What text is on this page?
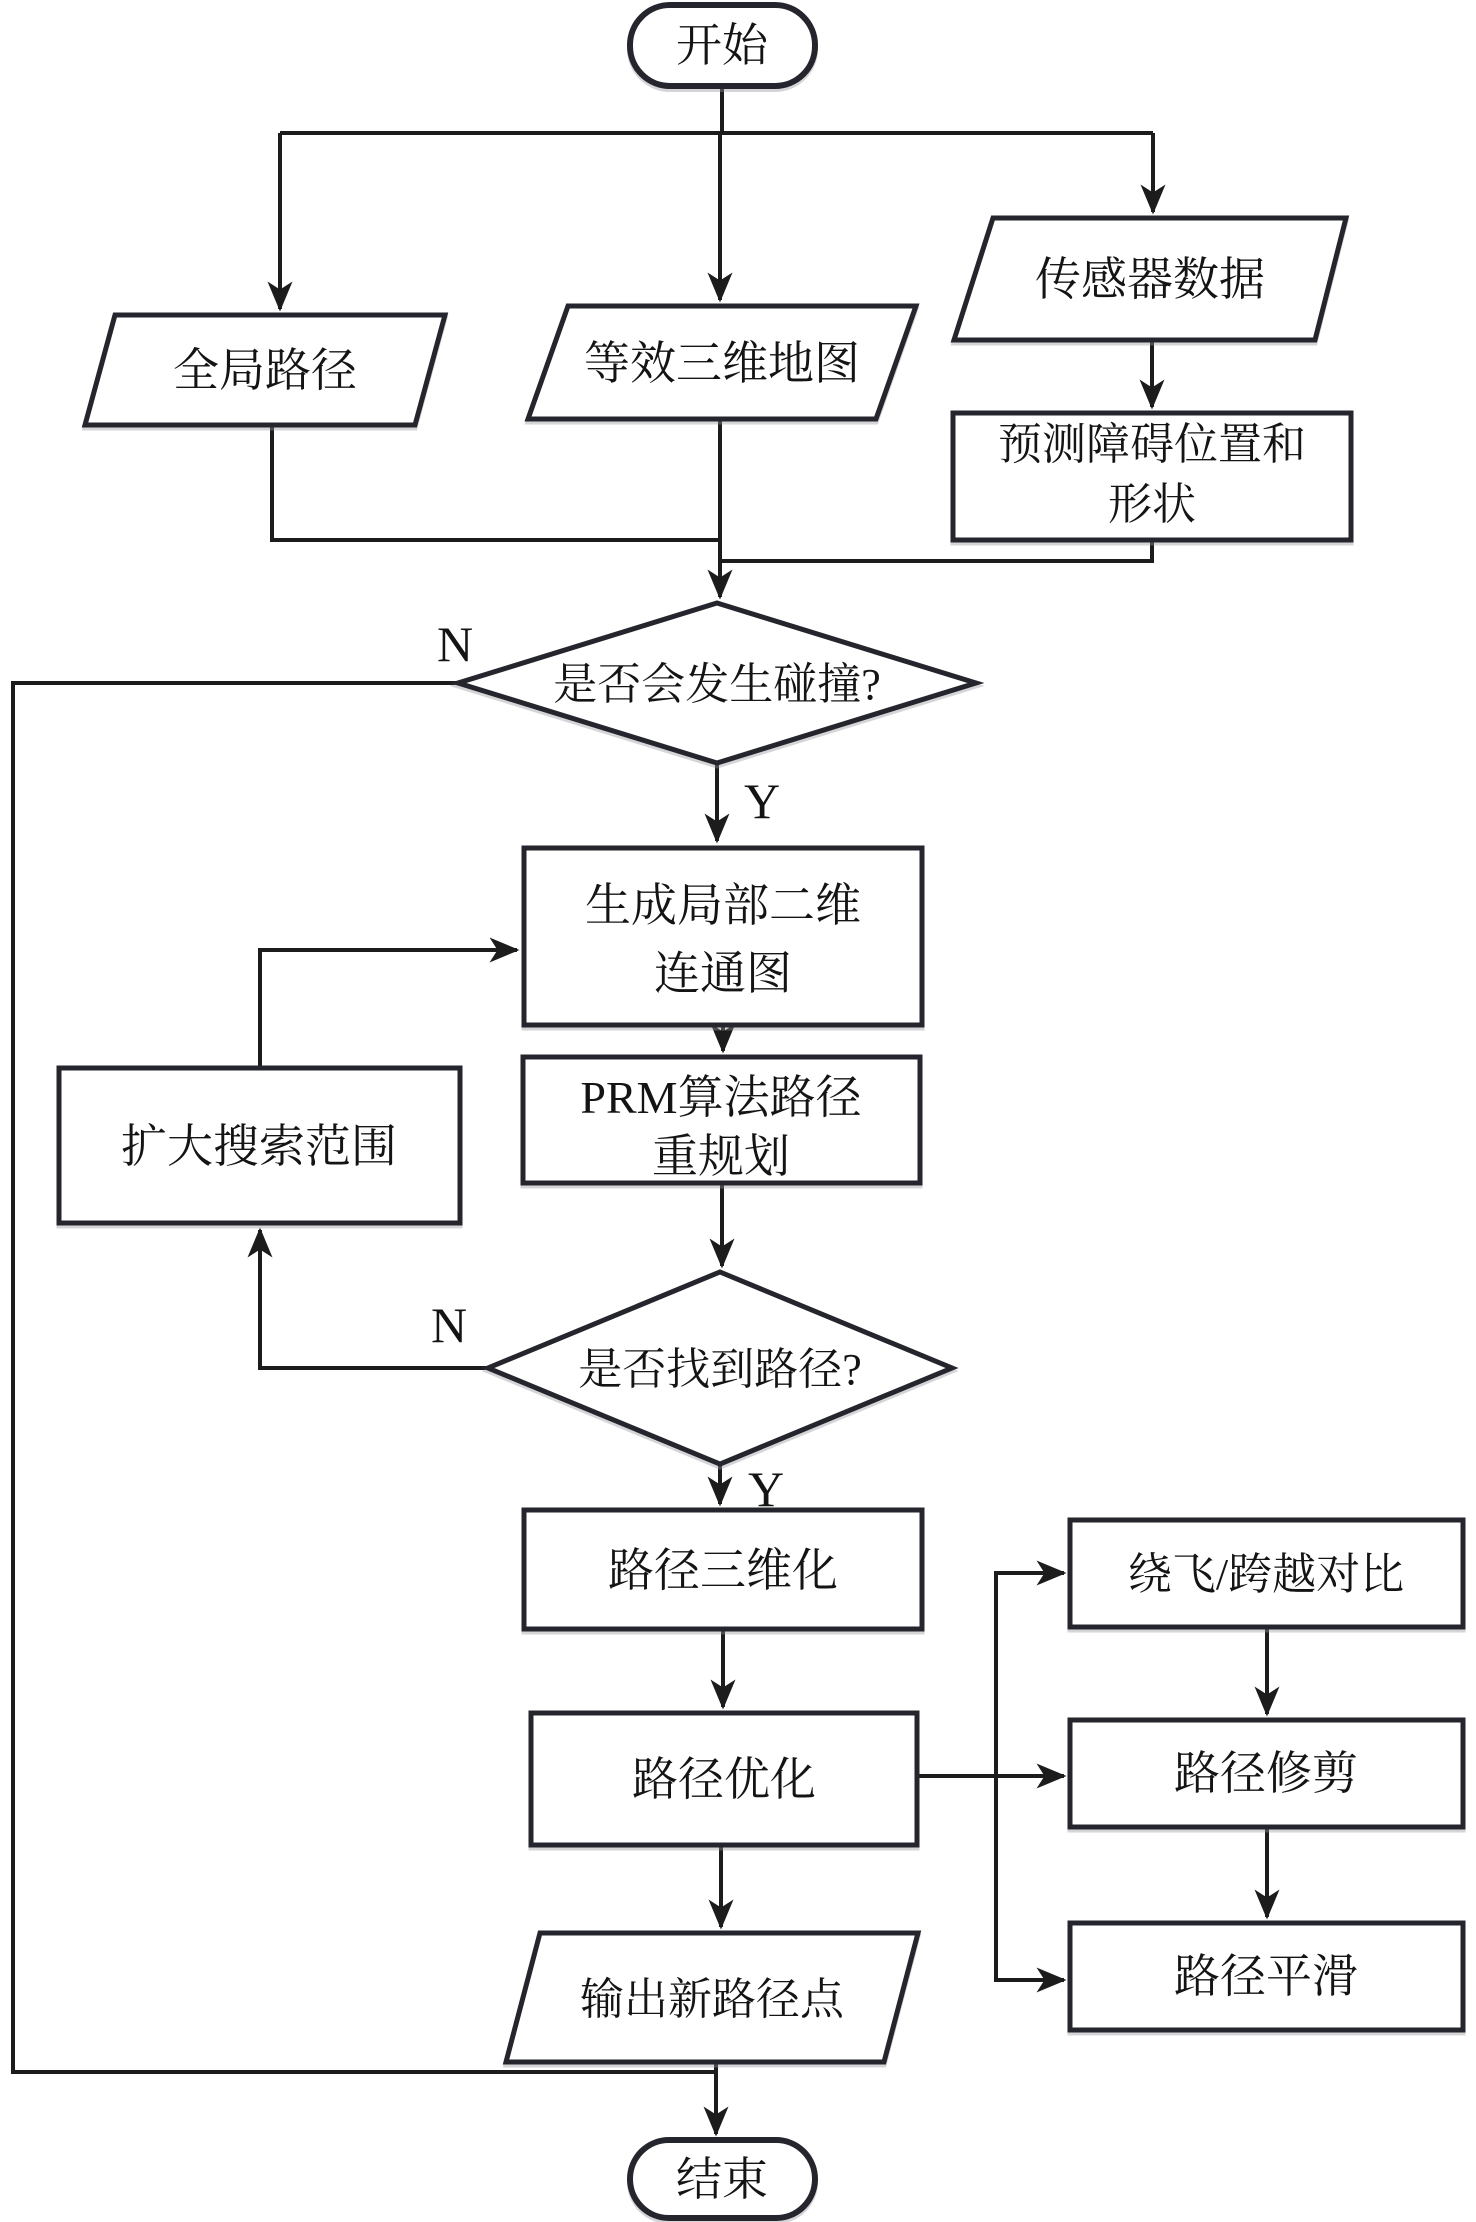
开始
全局路径	等效三维地图
传感器数据
预测障碍位置和
形状
是否会发生碰撞?
生成局部二维
连通图
PRM算法路径
重规划
扩大搜索范围
是否找到路径?
路径三维化
路径优化
输出新路径点
结束
绕飞/跨越对比
路径修剪
路径平滑
N
Y
N
Y
